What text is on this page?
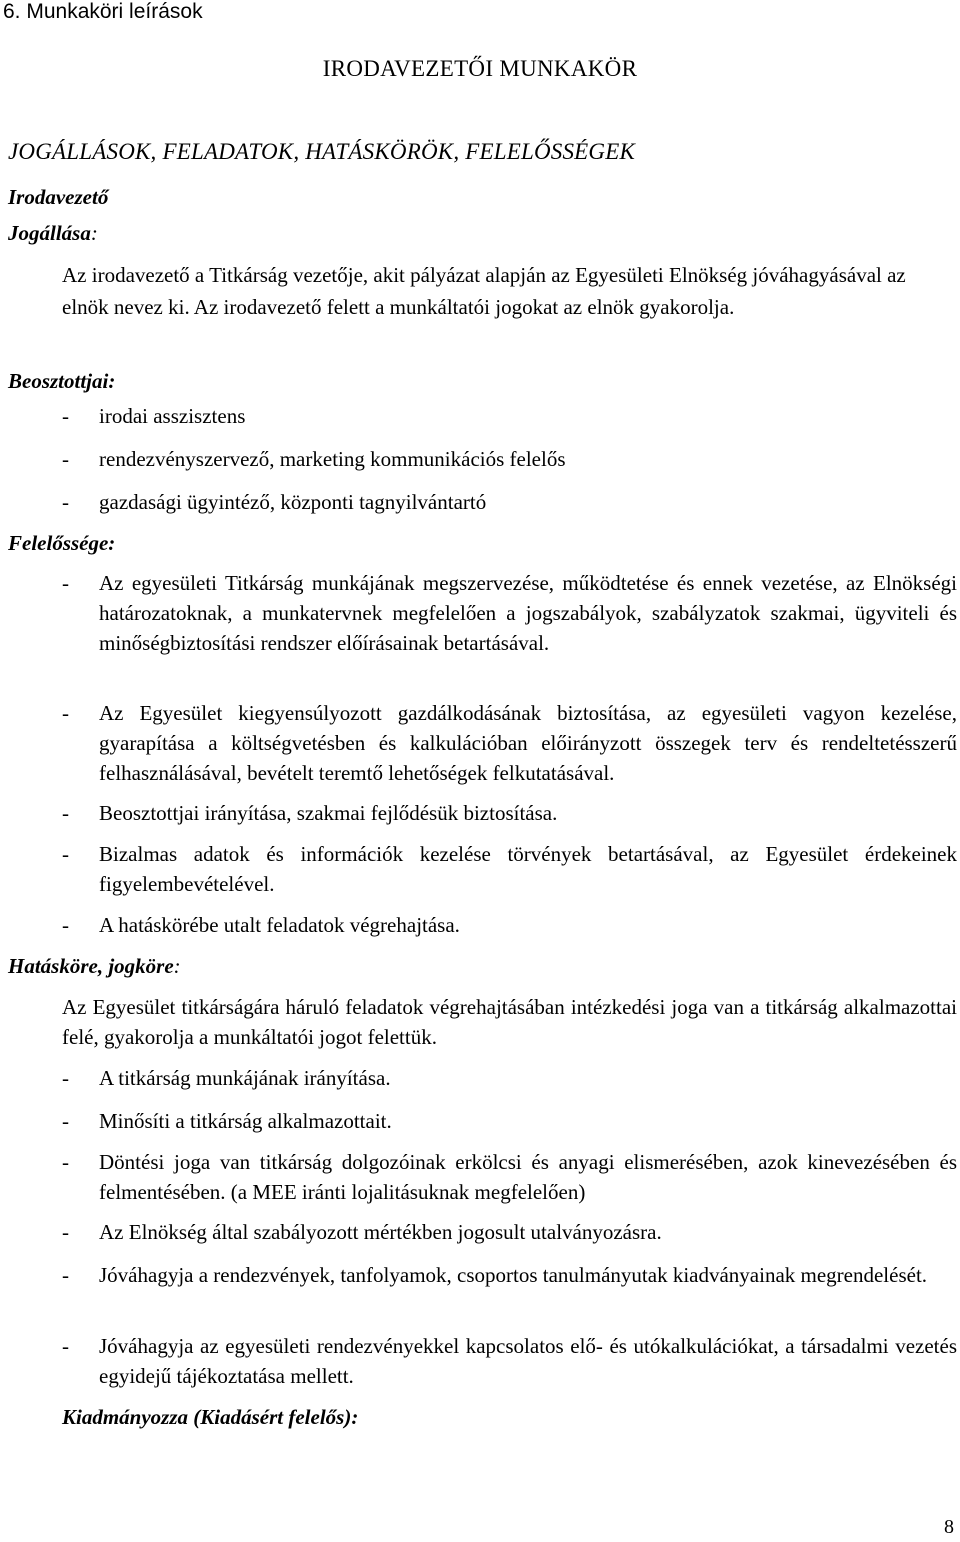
6. Munkaköri leírások
IRODAVEZETŐI MUNKAKÖR
JOGÁLLÁSOK, FELADATOK, HATÁSKÖRÖK, FELELŐSSÉGEK
Irodavezető
Jogállása:
Az irodavezető a Titkárság vezetője, akit pályázat alapján az Egyesületi Elnökség jóváhagyásával az elnök nevez ki. Az irodavezető felett a munkáltatói jogokat az elnök gyakorolja.
Beosztottjai:
- irodai asszisztens
- rendezvényszervező, marketing kommunikációs felelős
- gazdasági ügyintéző, központi tagnyilvántartó
Felelőssége:
- Az egyesületi Titkárság munkájának megszervezése, működtetése és ennek vezetése, az Elnökségi határozatoknak, a munkatervnek megfelelően a jogszabályok, szabályzatok szakmai, ügyviteli és minőségbiztosítási rendszer előírásainak betartásával.
- Az Egyesület kiegyensúlyozott gazdálkodásának biztosítása, az egyesületi vagyon kezelése, gyarapítása a költségvetésben és kalkulációban előirányzott összegek terv és rendeltetésszerű felhasználásával, bevételt teremtő lehetőségek felkutatásával.
- Beosztottjai irányítása, szakmai fejlődésük biztosítása.
- Bizalmas adatok és információk kezelése törvények betartásával, az Egyesület érdekeinek figyelembevételével.
- A hatáskörébe utalt feladatok végrehajtása.
Hatásköre, jogköre:
Az Egyesület titkárságára háruló feladatok végrehajtásában intézkedési joga van a titkárság alkalmazottai felé, gyakorolja a munkáltatói jogot felettük.
- A titkárság munkájának irányítása.
- Minősíti a titkárság alkalmazottait.
- Döntési joga van titkárság dolgozóinak erkölcsi és anyagi elismerésében, azok kinevezésében és felmentésében. (a MEE iránti lojalitásuknak megfelelően)
- Az Elnökség által szabályozott mértékben jogosult utalványozásra.
- Jóváhagyja a rendezvények, tanfolyamok, csoportos tanulmányutak kiadványainak megrendelését.
- Jóváhagyja az egyesületi rendezvényekkel kapcsolatos elő- és utókalkulációkat, a társadalmi vezetés egyidejű tájékoztatása mellett.
Kiadmányozza (Kiadásért felelős):
8
